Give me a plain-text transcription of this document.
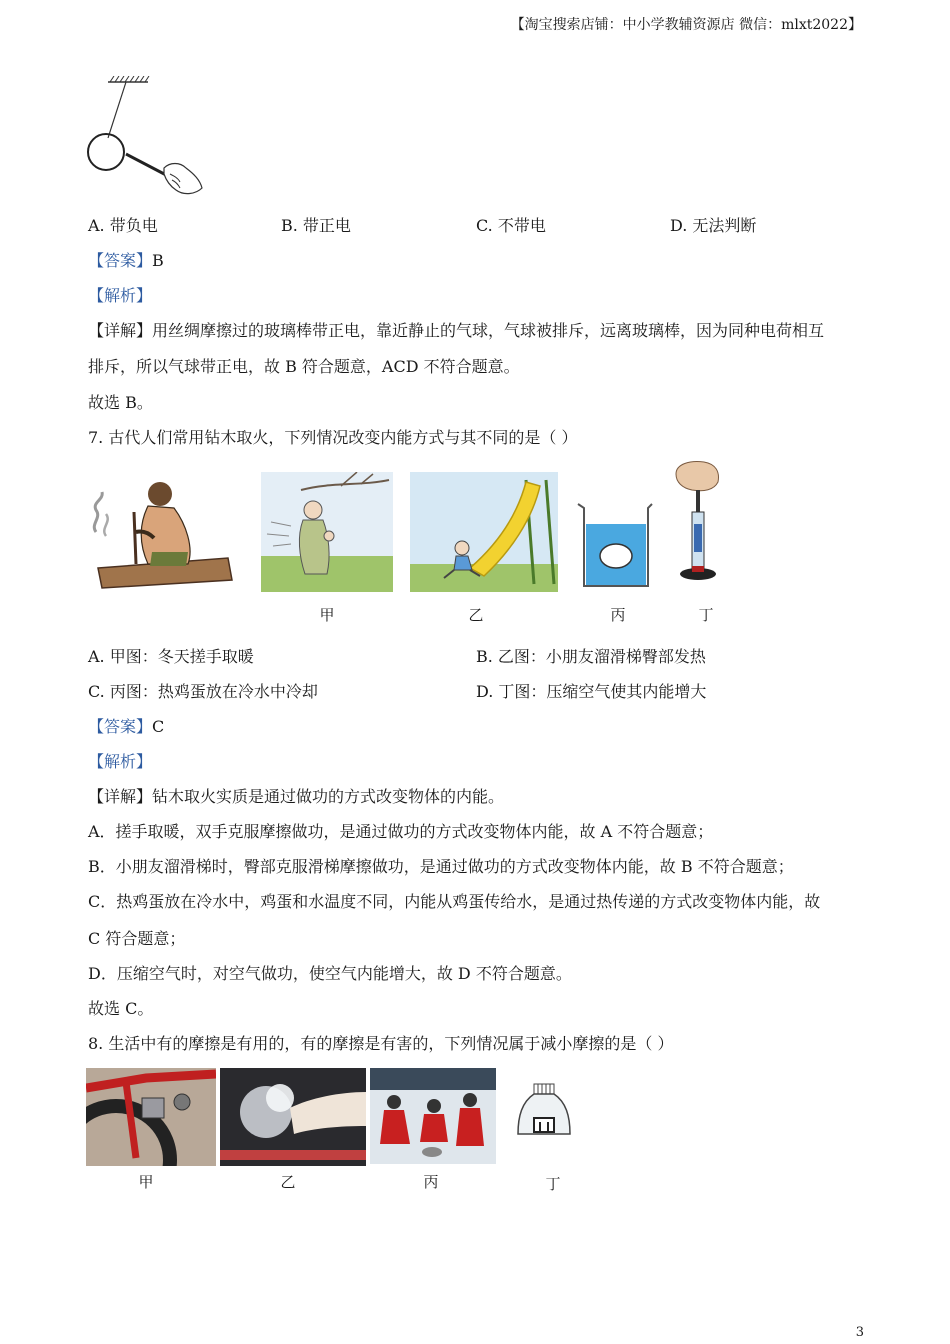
【淘宝搜索店铺：中小学教辅资源店 微信：mlxt2022】
A. 带负电	B. 带正电	C. 不带电	D. 无法判断
【答案】B
【解析】
【详解】用丝绸摩擦过的玻璃棒带正电，靠近静止的气球，气球被排斥，远离玻璃棒，因为同种电荷相互
排斥，所以气球带正电，故 B 符合题意，ACD 不符合题意。
故选 B。
7. 古代人们常用钻木取火，下列情况改变内能方式与其不同的是（ ）
甲	乙	丙	丁
A. 甲图：冬天搓手取暖	B. 乙图：小朋友溜滑梯臀部发热
C. 丙图：热鸡蛋放在冷水中冷却	D. 丁图：压缩空气使其内能增大
【答案】C
【解析】
【详解】钻木取火实质是通过做功的方式改变物体的内能。
A．搓手取暖，双手克服摩擦做功，是通过做功的方式改变物体内能，故 A 不符合题意；
B．小朋友溜滑梯时，臀部克服滑梯摩擦做功，是通过做功的方式改变物体内能，故 B 不符合题意；
C．热鸡蛋放在冷水中，鸡蛋和水温度不同，内能从鸡蛋传给水，是通过热传递的方式改变物体内能，故
C 符合题意；
D．压缩空气时，对空气做功，使空气内能增大，故 D 不符合题意。
故选 C。
8. 生活中有的摩擦是有用的，有的摩擦是有害的，下列情况属于减小摩擦的是（ ）
甲	乙	丙	丁
3
